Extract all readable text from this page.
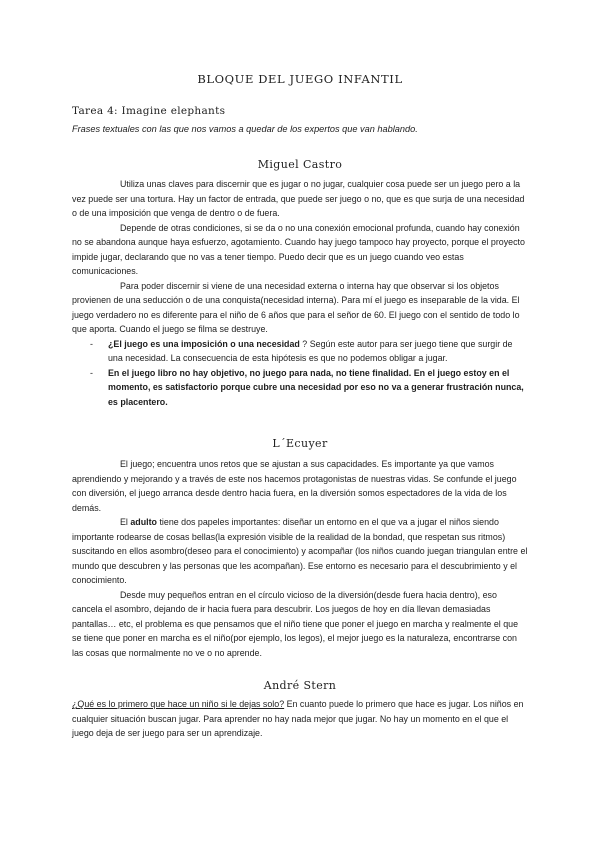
BLOQUE DEL JUEGO INFANTIL
Tarea 4: Imagine elephants
Frases textuales con las que nos vamos a quedar de los expertos que van hablando.
Miguel Castro

Utiliza unas claves para discernir que es jugar o no jugar, cualquier cosa puede ser un juego pero a la vez puede ser una tortura. Hay un factor de entrada, que puede ser juego o no, que es que surja de una necesidad o de una imposición que venga de dentro o de fuera.

Depende de otras condiciones, si se da o no una conexión emocional profunda, cuando hay conexión no se abandona aunque haya esfuerzo, agotamiento. Cuando hay juego tampoco hay proyecto, porque el proyecto impide jugar, declarando que no vas a tener tiempo. Puedo decir que es un juego cuando veo estas comunicaciones.

Para poder discernir si viene de una necesidad externa o interna hay que observar si los objetos provienen de una seducción o de una conquista(necesidad interna). Para mí el juego es inseparable de la vida. El juego verdadero no es diferente para el niño de 6 años que para el señor de 60. El juego con el sentido de todo lo que aporta. Cuando el juego se filma se destruye.

- ¿El juego es una imposición o una necesidad ? Según este autor para ser juego tiene que surgir de una necesidad. La consecuencia de esta hipótesis es que no podemos obligar a jugar.
- En el juego libro no hay objetivo, no juego para nada, no tiene finalidad. En el juego estoy en el momento, es satisfactorio porque cubre una necesidad por eso no va a generar frustración nunca, es placentero.
L´Ecuyer

El juego; encuentra unos retos que se ajustan a sus capacidades. Es importante ya que vamos aprendiendo y mejorando y a través de este nos hacemos protagonistas de nuestras vidas. Se confunde el juego con diversión, el juego arranca desde dentro hacia fuera, en la diversión somos espectadores de la vida de los demás.

El adulto tiene dos papeles importantes: diseñar un entorno en el que va a jugar el niños siendo importante rodearse de cosas bellas(la expresión visible de la realidad de la bondad, que respetan sus ritmos) suscitando en ellos asombro(deseo para el conocimiento) y acompañar (los niños cuando juegan triangulan entre el mundo que descubren y las personas que les acompañan). Ese entorno es necesario para el descubrimiento y el conocimiento.

Desde muy pequeños entran en el círculo vicioso de la diversión(desde fuera hacia dentro), eso cancela el asombro, dejando de ir hacia fuera para descubrir. Los juegos de hoy en día llevan demasiadas pantallas… etc, el problema es que pensamos que el niño tiene que poner el juego en marcha y realmente el que se tiene que poner en marcha es el niño(por ejemplo, los legos), el mejor juego es la naturaleza, encontrarse con las cosas que normalmente no ve o no aprende.

André Stern

¿Qué es lo primero que hace un niño si le dejas solo? En cuanto puede lo primero que hace es jugar. Los niños en cualquier situación buscan jugar. Para aprender no hay nada mejor que jugar. No hay un momento en el que el juego deja de ser juego para ser un aprendizaje.
